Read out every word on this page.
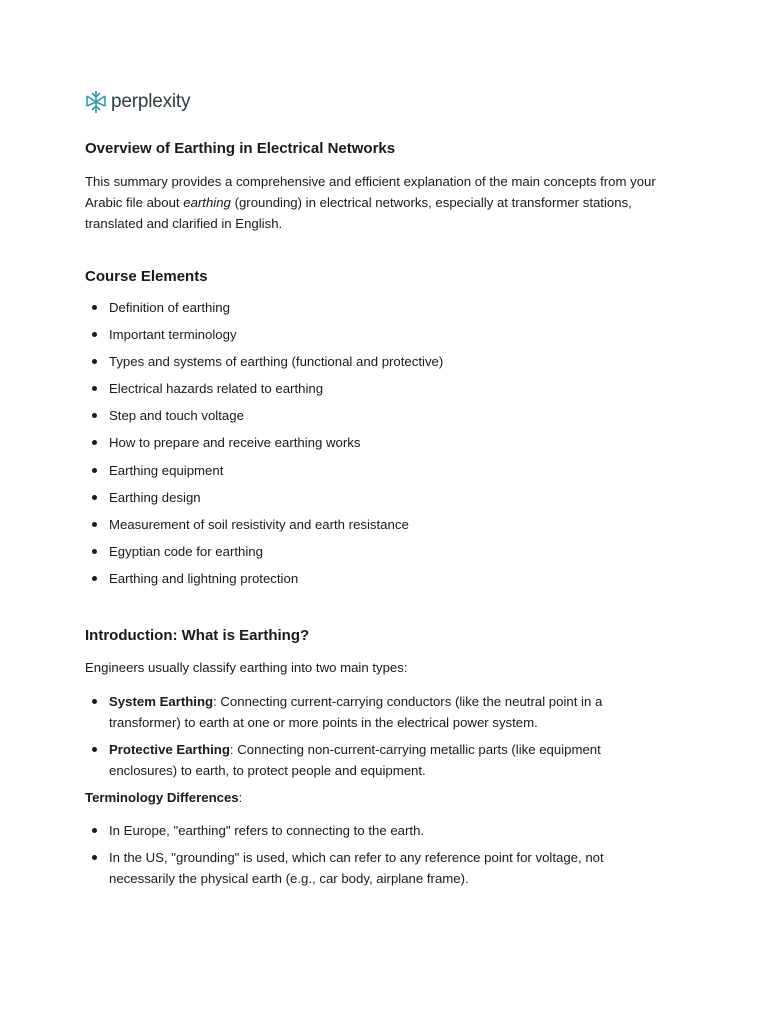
perplexity
Overview of Earthing in Electrical Networks

This summary provides a comprehensive and efficient explanation of the main concepts from your Arabic file about earthing (grounding) in electrical networks, especially at transformer stations, translated and clarified in English.

Course Elements
Definition of earthing
Important terminology
Types and systems of earthing (functional and protective)
Electrical hazards related to earthing
Step and touch voltage
How to prepare and receive earthing works
Earthing equipment
Earthing design
Measurement of soil resistivity and earth resistance
Egyptian code for earthing
Earthing and lightning protection
Introduction: What is Earthing?

Engineers usually classify earthing into two main types:

System Earthing: Connecting current-carrying conductors (like the neutral point in a transformer) to earth at one or more points in the electrical power system.
Protective Earthing: Connecting non-current-carrying metallic parts (like equipment enclosures) to earth, to protect people and equipment.

Terminology Differences:

In Europe, "earthing" refers to connecting to the earth.
In the US, "grounding" is used, which can refer to any reference point for voltage, not necessarily the physical earth (e.g., car body, airplane frame).
